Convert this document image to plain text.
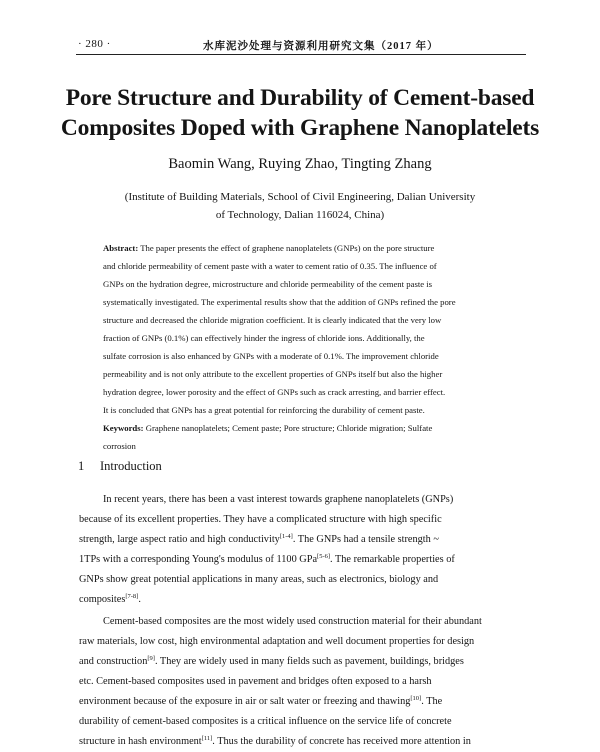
· 280 ·	水库泥沙处理与资源利用研究文集（2017 年）
Pore Structure and Durability of Cement-based
Composites Doped with Graphene Nanoplatelets
Baomin Wang, Ruying Zhao, Tingting Zhang
(Institute of Building Materials, School of Civil Engineering, Dalian University
of Technology, Dalian 116024, China)
Abstract: The paper presents the effect of graphene nanoplatelets (GNPs) on the pore structure
and chloride permeability of cement paste with a water to cement ratio of 0.35. The influence of
GNPs on the hydration degree, microstructure and chloride permeability of the cement paste is
systematically investigated. The experimental results show that the addition of GNPs refined the pore
structure and decreased the chloride migration coefficient. It is clearly indicated that the very low
fraction of GNPs (0.1%) can effectively hinder the ingress of chloride ions. Additionally, the
sulfate corrosion is also enhanced by GNPs with a moderate of 0.1%. The improvement chloride
permeability and is not only attribute to the excellent properties of GNPs itself but also the higher
hydration degree, lower porosity and the effect of GNPs such as crack arresting, and barrier effect.
It is concluded that GNPs has a great potential for reinforcing the durability of cement paste.
Keywords: Graphene nanoplatelets; Cement paste; Pore structure; Chloride migration; Sulfate
corrosion
1 Introduction
In recent years, there has been a vast interest towards graphene nanoplatelets (GNPs)
because of its excellent properties. They have a complicated structure with high specific
strength, large aspect ratio and high conductivity[1-4]. The GNPs had a tensile strength ~
1TPs with a corresponding Young's modulus of 1100 GPa[5-6]. The remarkable properties of
GNPs show great potential applications in many areas, such as electronics, biology and
composites[7-8].
Cement-based composites are the most widely used construction material for their abundant
raw materials, low cost, high environmental adaptation and well document properties for design
and construction[9]. They are widely used in many fields such as pavement, buildings, bridges
etc. Cement-based composites used in pavement and bridges often exposed to a harsh
environment because of the exposure in air or salt water or freezing and thawing[10]. The
durability of cement-based composites is a critical influence on the service life of concrete
structure in hash environment[11]. Thus the durability of concrete has received more attention in
